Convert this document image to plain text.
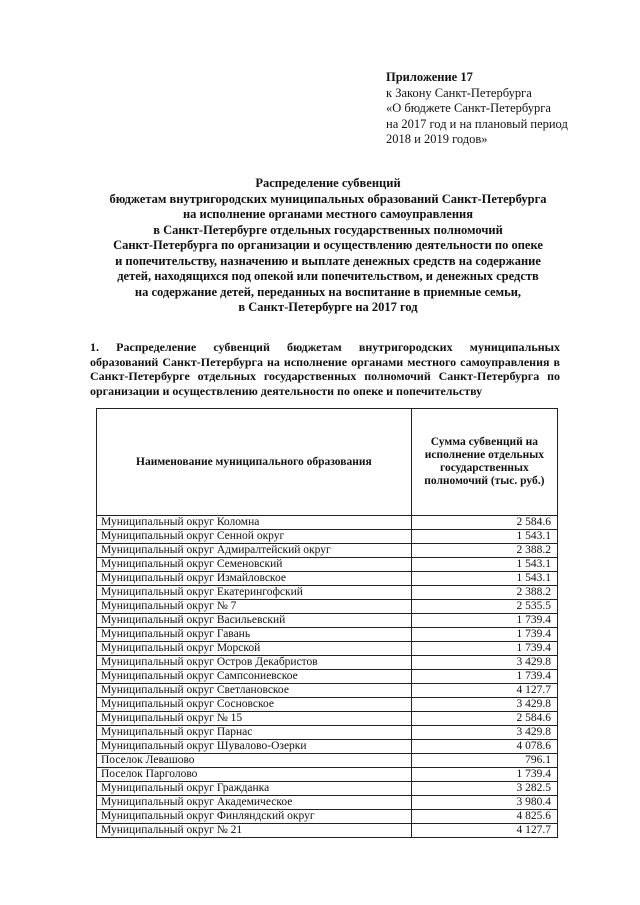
Приложение 17
к Закону Санкт-Петербурга
«О бюджете Санкт-Петербурга
на 2017 год и на плановый период
2018 и 2019 годов»
Распределение субвенций
бюджетам внутригородских муниципальных образований Санкт-Петербурга
на исполнение органами местного самоуправления
в Санкт-Петербурге отдельных государственных полномочий
Санкт-Петербурга по организации и осуществлению деятельности по опеке
и попечительству, назначению и выплате денежных средств на содержание
детей, находящихся под опекой или попечительством, и денежных средств
на содержание детей, переданных на воспитание в приемные семьи,
в Санкт-Петербурге на 2017 год
1. Распределение субвенций бюджетам внутригородских муниципальных образований Санкт-Петербурга на исполнение органами местного самоуправления в Санкт-Петербурге отдельных государственных полномочий Санкт-Петербурга по организации и осуществлению деятельности по опеке и попечительству
Наименование муниципального образования	Сумма субвенций на исполнение отдельных государственных полномочий (тыс. руб.)
Муниципальный округ Коломна	2 584.6
Муниципальный округ Сенной округ	1 543.1
Муниципальный округ Адмиралтейский округ	2 388.2
Муниципальный округ Семеновский	1 543.1
Муниципальный округ Измайловское	1 543.1
Муниципальный округ Екатерингофский	2 388.2
Муниципальный округ № 7	2 535.5
Муниципальный округ Васильевский	1 739.4
Муниципальный округ Гавань	1 739.4
Муниципальный округ Морской	1 739.4
Муниципальный округ Остров Декабристов	3 429.8
Муниципальный округ Сампсониевское	1 739.4
Муниципальный округ Светлановское	4 127.7
Муниципальный округ Сосновское	3 429.8
Муниципальный округ № 15	2 584.6
Муниципальный округ Парнас	3 429.8
Муниципальный округ Шувалово-Озерки	4 078.6
Поселок Левашово	796.1
Поселок Парголово	1 739.4
Муниципальный округ Гражданка	3 282.5
Муниципальный округ Академическое	3 980.4
Муниципальный округ Финляндский округ	4 825.6
Муниципальный округ № 21	4 127.7
